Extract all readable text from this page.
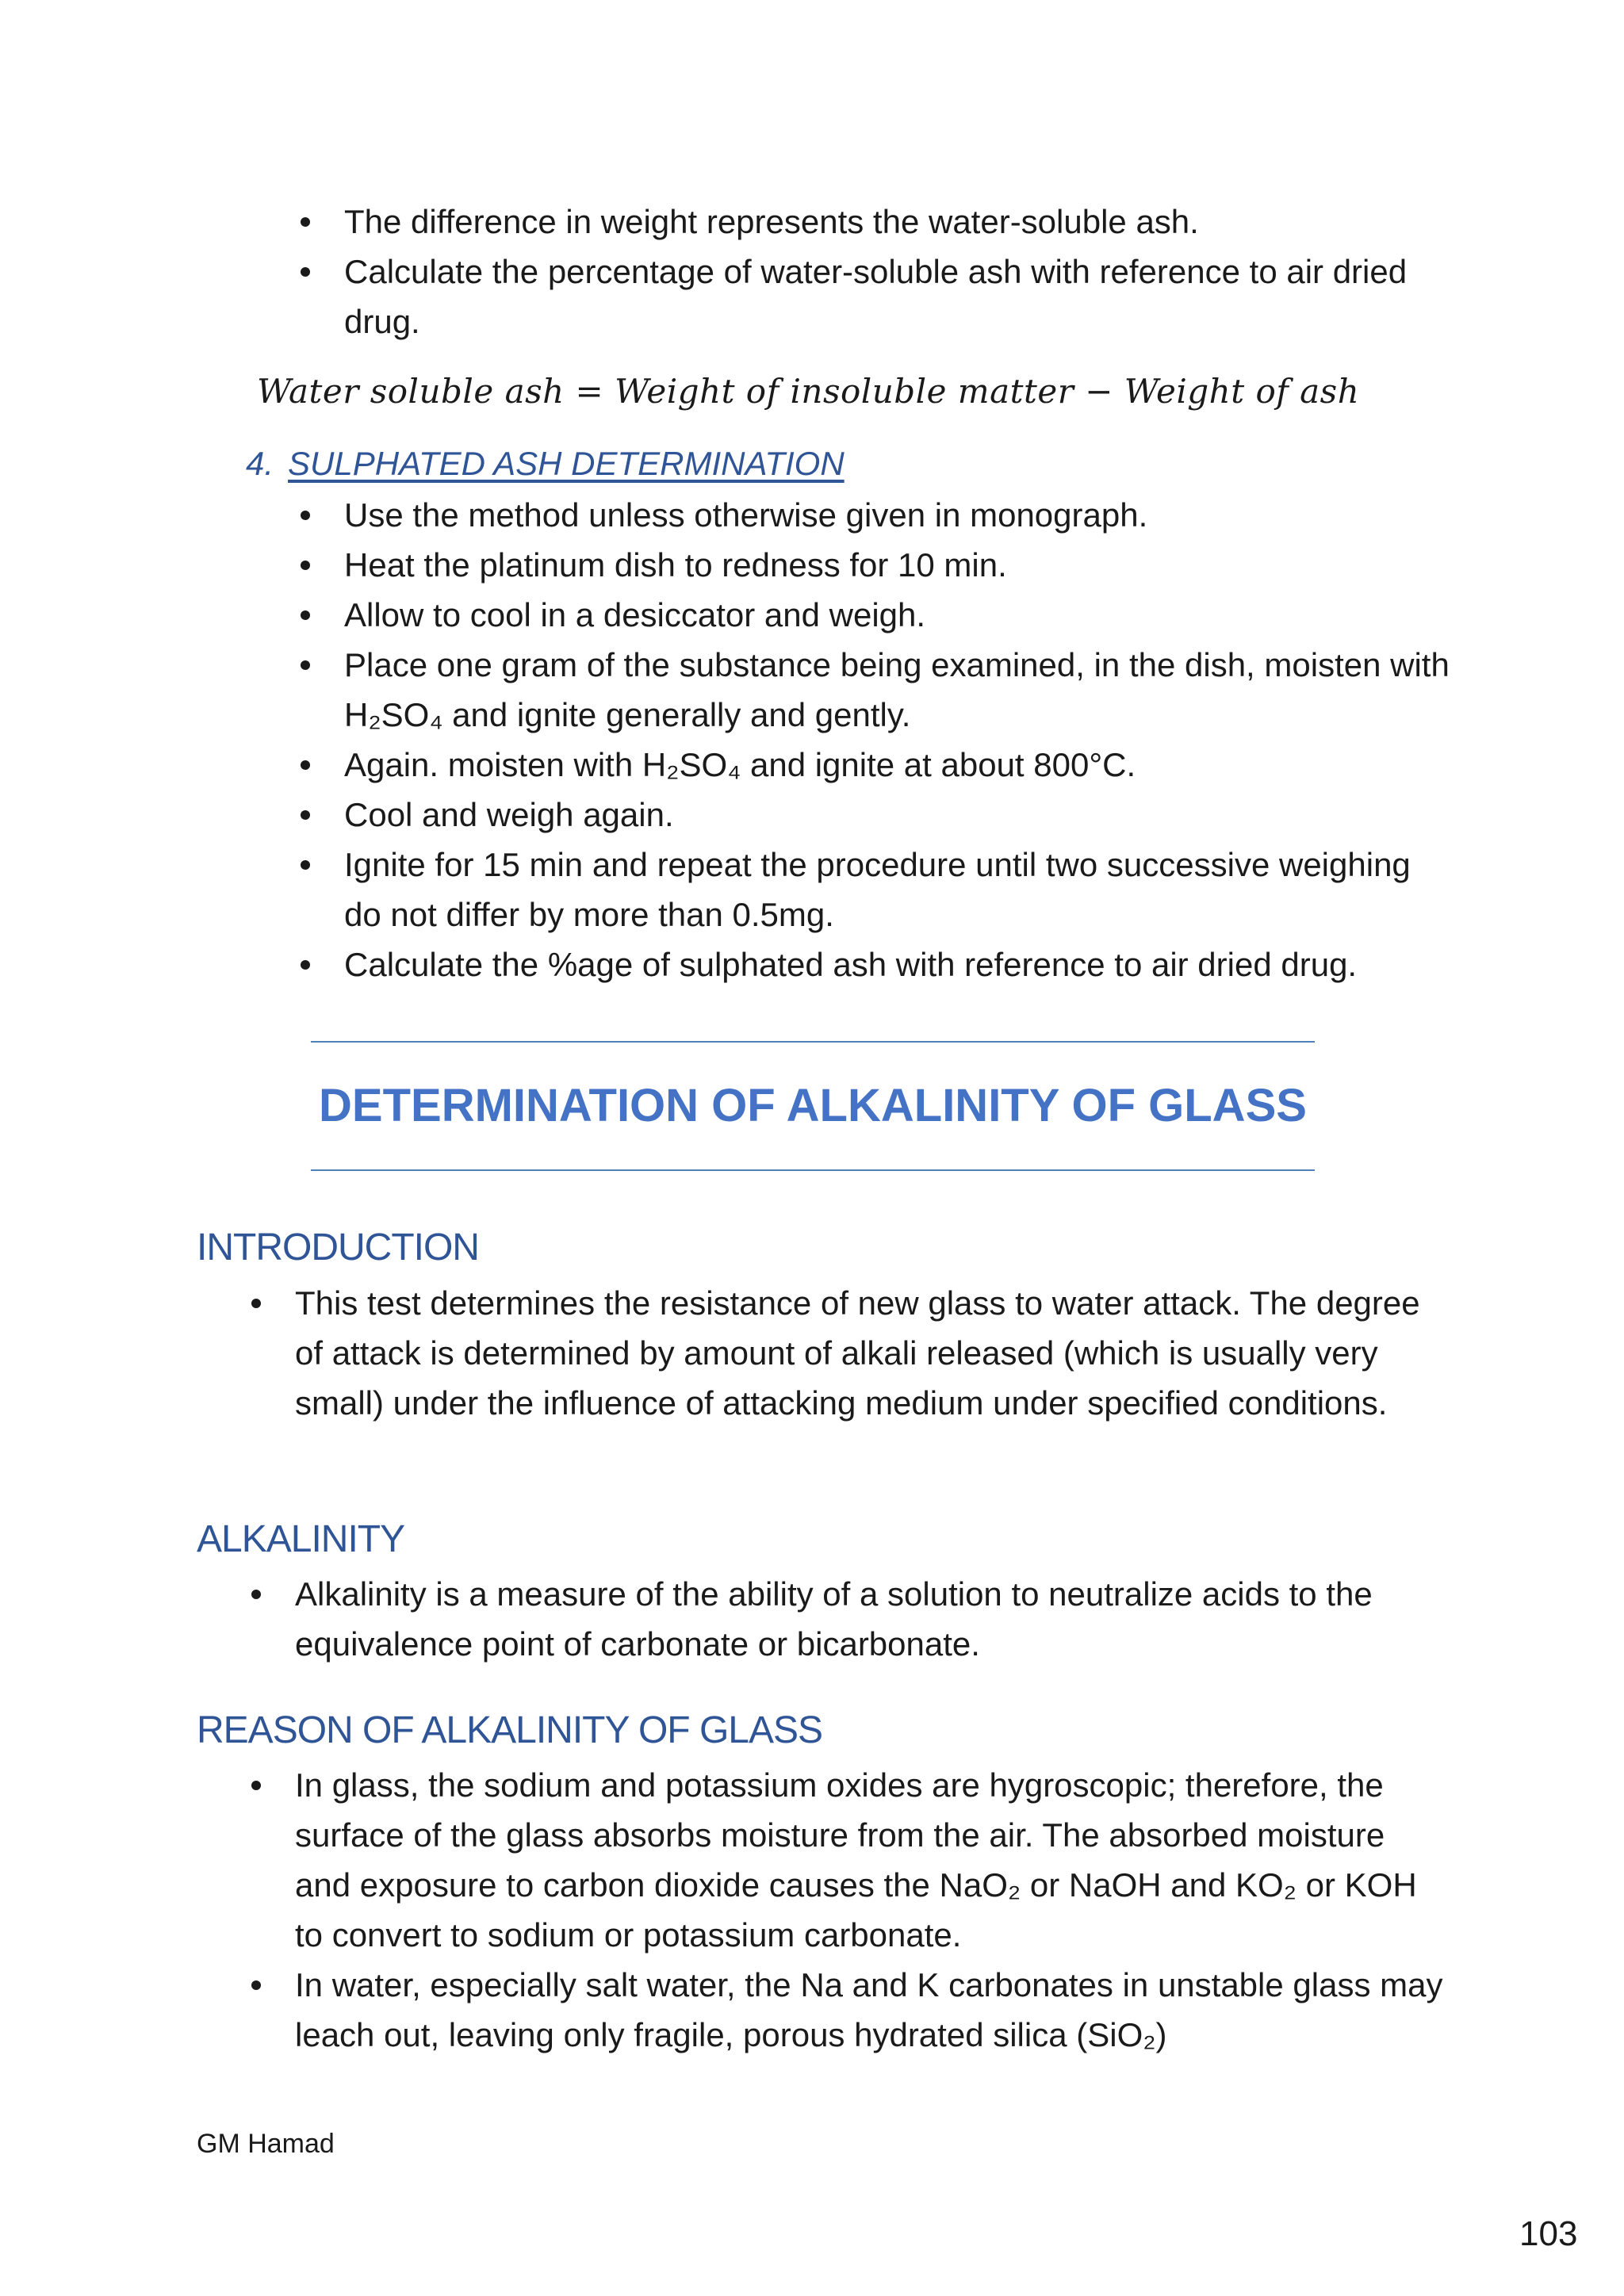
The difference in weight represents the water-soluble ash.
Calculate the percentage of water-soluble ash with reference to air dried drug.
Water soluble ash = Weight of insoluble matter − Weight of ash
4. SULPHATED ASH DETERMINATION
Use the method unless otherwise given in monograph.
Heat the platinum dish to redness for 10 min.
Allow to cool in a desiccator and weigh.
Place one gram of the substance being examined, in the dish, moisten with H₂SO₄ and ignite generally and gently.
Again. moisten with H₂SO₄ and ignite at about 800°C.
Cool and weigh again.
Ignite for 15 min and repeat the procedure until two successive weighing do not differ by more than 0.5mg.
Calculate the %age of sulphated ash with reference to air dried drug.
DETERMINATION OF ALKALINITY OF GLASS
INTRODUCTION
This test determines the resistance of new glass to water attack. The degree of attack is determined by amount of alkali released (which is usually very small) under the influence of attacking medium under specified conditions.
ALKALINITY
Alkalinity is a measure of the ability of a solution to neutralize acids to the equivalence point of carbonate or bicarbonate.
REASON OF ALKALINITY OF GLASS
In glass, the sodium and potassium oxides are hygroscopic; therefore, the surface of the glass absorbs moisture from the air. The absorbed moisture and exposure to carbon dioxide causes the NaO₂ or NaOH and KO₂ or KOH to convert to sodium or potassium carbonate.
In water, especially salt water, the Na and K carbonates in unstable glass may leach out, leaving only fragile, porous hydrated silica (SiO₂)
GM Hamad
103
